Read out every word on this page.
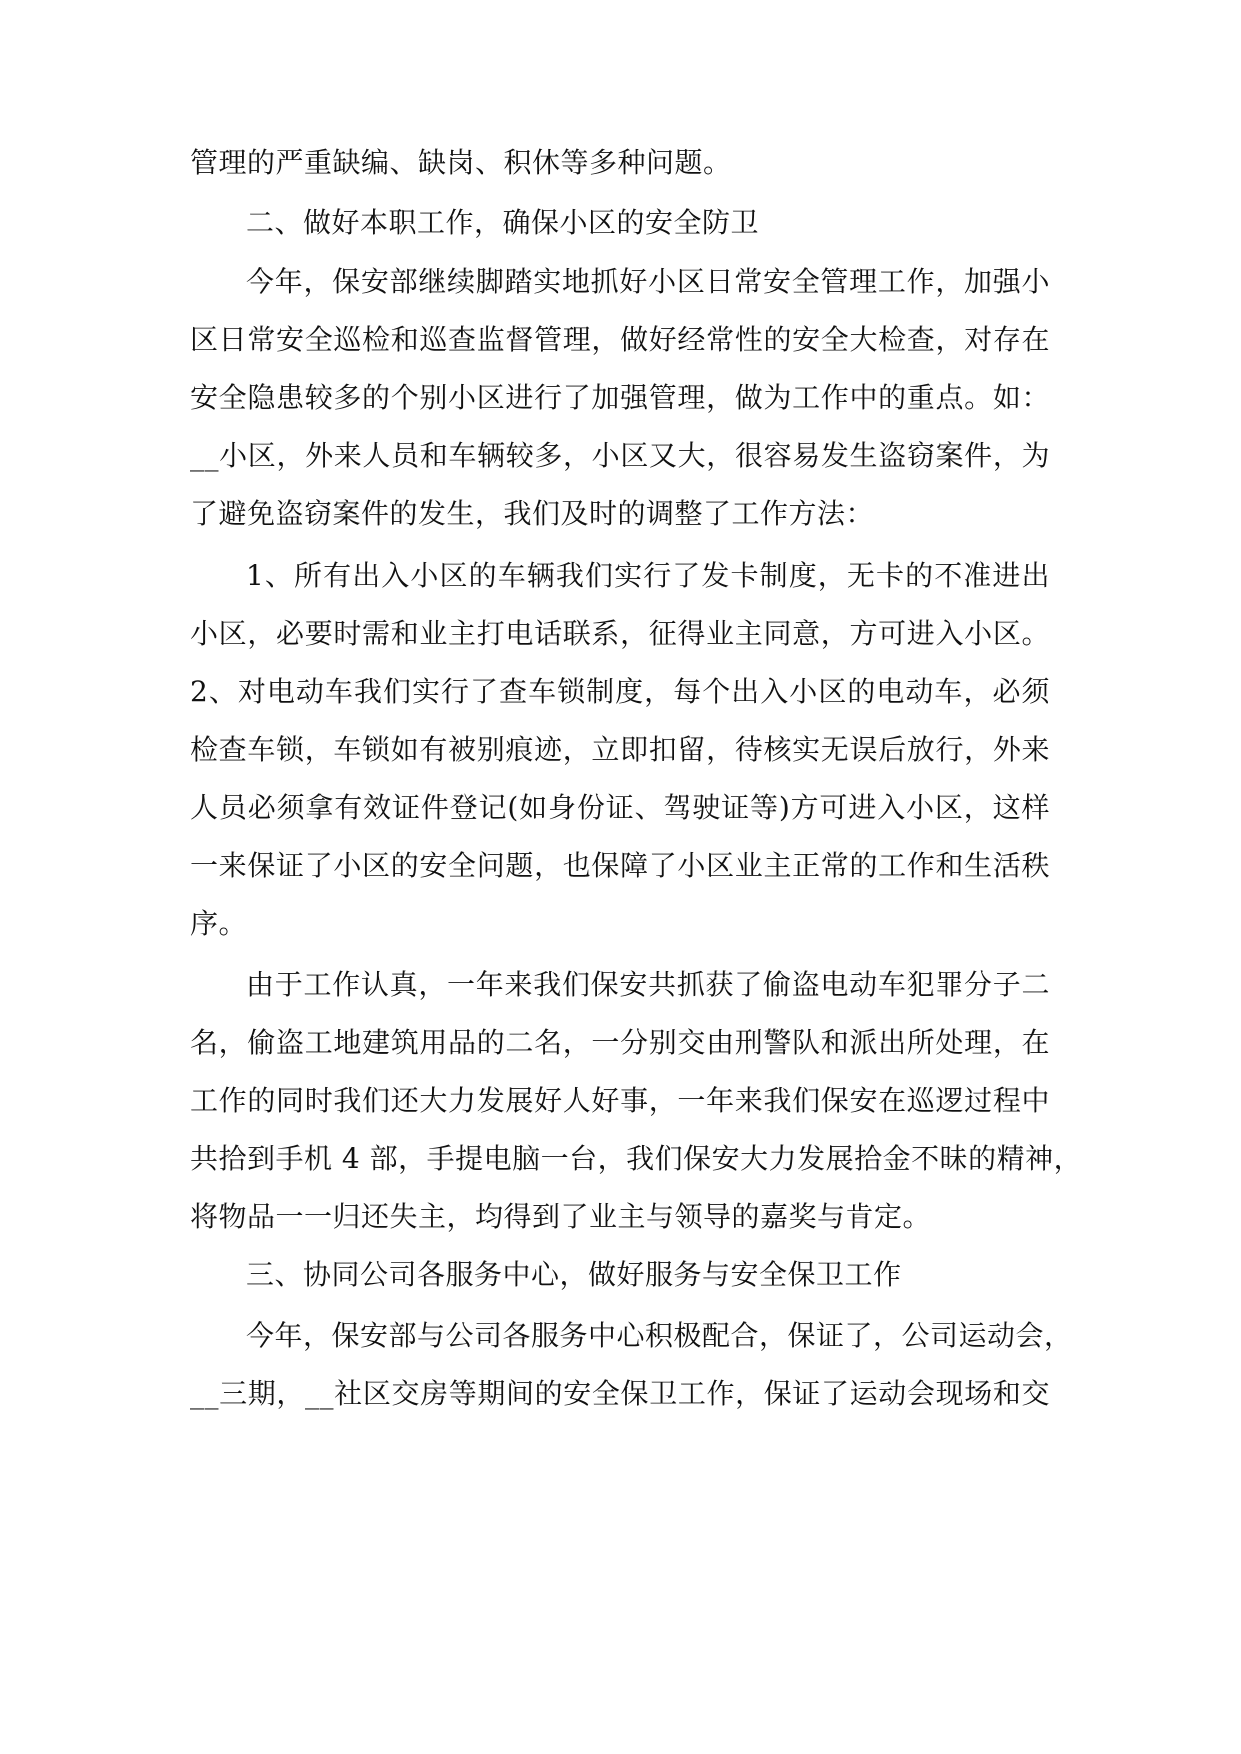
管理的严重缺编、缺岗、积休等多种问题。
二、做好本职工作，确保小区的安全防卫
今年，保安部继续脚踏实地抓好小区日常安全管理工作，加强小
区日常安全巡检和巡查监督管理，做好经常性的安全大检查，对存在
安全隐患较多的个别小区进行了加强管理，做为工作中的重点。如：
__小区，外来人员和车辆较多，小区又大，很容易发生盗窃案件，为
了避免盗窃案件的发生，我们及时的调整了工作方法：
1、所有出入小区的车辆我们实行了发卡制度，无卡的不准进出
小区，必要时需和业主打电话联系，征得业主同意，方可进入小区。
2、对电动车我们实行了查车锁制度，每个出入小区的电动车，必须
检查车锁，车锁如有被别痕迹，立即扣留，待核实无误后放行，外来
人员必须拿有效证件登记(如身份证、驾驶证等)方可进入小区，这样
一来保证了小区的安全问题，也保障了小区业主正常的工作和生活秩
序。
由于工作认真，一年来我们保安共抓获了偷盗电动车犯罪分子二
名，偷盗工地建筑用品的二名，一分别交由刑警队和派出所处理，在
工作的同时我们还大力发展好人好事，一年来我们保安在巡逻过程中
共拾到手机 4 部，手提电脑一台，我们保安大力发展拾金不昧的精神，
将物品一一归还失主，均得到了业主与领导的嘉奖与肯定。
三、协同公司各服务中心，做好服务与安全保卫工作
今年，保安部与公司各服务中心积极配合，保证了，公司运动会，
__三期，__社区交房等期间的安全保卫工作，保证了运动会现场和交
